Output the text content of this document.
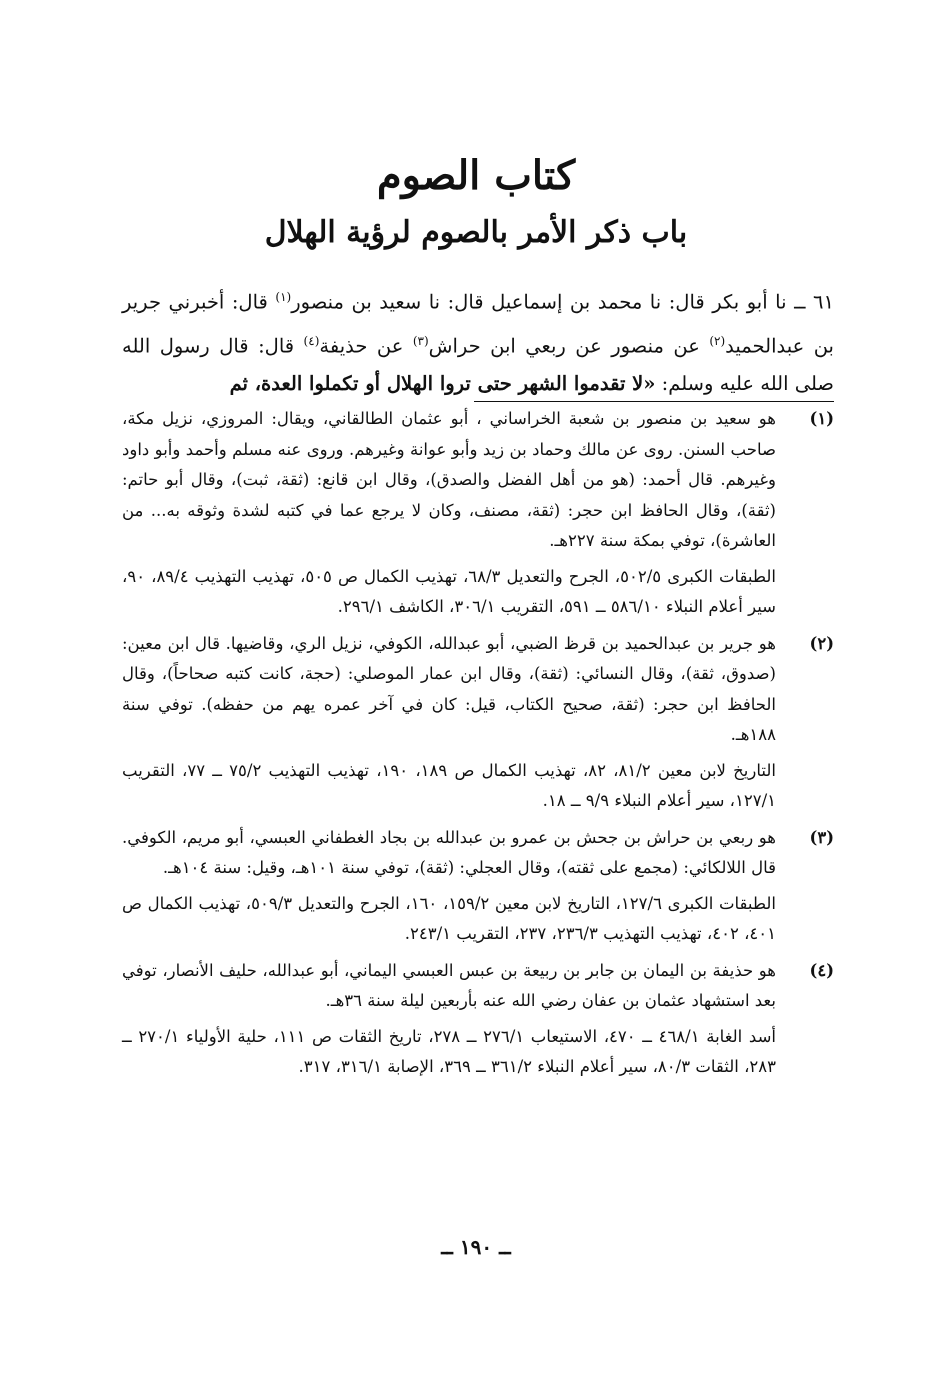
كتاب الصوم
باب ذكر الأمر بالصوم لرؤية الهلال
٦١ ــ نا أبو بكر قال: نا محمد بن إسماعيل قال: نا سعيد بن منصور$^{(١)}$ قال: أخبرني جرير بن عبدالحميد$^{(٢)}$ عن منصور عن ربعي ابن حراش$^{(٣)}$ عن حذيفة$^{(٤)}$ قال: قال رسول الله صلى الله عليه وسلم: «لا تقدموا الشهر حتى تروا الهلال أو تكملوا العدة، ثم
(١)

هو سعيد بن منصور بن شعبة الخراساني ، أبو عثمان الطالقاني، ويقال: المروزي، نزيل مكة، صاحب السنن. روى عن مالك وحماد بن زيد وأبو عوانة وغيرهم. وروى عنه مسلم وأحمد وأبو داود وغيرهم. قال أحمد: (هو من أهل الفضل والصدق)، وقال ابن قانع: (ثقة، ثبت)، وقال أبو حاتم: (ثقة)، وقال الحافظ ابن حجر: (ثقة، مصنف، وكان لا يرجع عما في كتبه لشدة وثوقه به... من العاشرة)، توفي بمكة سنة ٢٢٧هـ.

الطبقات الكبرى ٥٠٢/٥، الجرح والتعديل ٦٨/٣، تهذيب الكمال ص ٥٠٥، تهذيب التهذيب ٨٩/٤، ٩٠، سير أعلام النبلاء ٥٨٦/١٠ ــ ٥٩١، التقريب ٣٠٦/١، الكاشف ٢٩٦/١.

(٢)

هو جرير بن عبدالحميد بن قرظ الضبي، أبو عبدالله، الكوفي، نزيل الري، وقاضيها. قال ابن معين: (صدوق، ثقة)، وقال النسائي: (ثقة)، وقال ابن عمار الموصلي: (حجة، كانت كتبه صحاحاً)، وقال الحافظ ابن حجر: (ثقة، صحيح الكتاب، قيل: كان في آخر عمره يهم من حفظه). توفي سنة ١٨٨هـ.

التاريخ لابن معين ٨١/٢، ٨٢، تهذيب الكمال ص ١٨٩، ١٩٠، تهذيب التهذيب ٧٥/٢ ــ ٧٧، التقريب ١٢٧/١، سير أعلام النبلاء ٩/٩ ــ ١٨.

(٣)

هو ربعي بن حراش بن جحش بن عمرو بن عبدالله بن بجاد الغطفاني العبسي، أبو مريم، الكوفي. قال اللالكائي: (مجمع على ثقته)، وقال العجلي: (ثقة)، توفي سنة ١٠١هـ، وقيل: سنة ١٠٤هـ.

الطبقات الكبرى ١٢٧/٦، التاريخ لابن معين ١٥٩/٢، ١٦٠، الجرح والتعديل ٥٠٩/٣، تهذيب الكمال ص ٤٠١، ٤٠٢، تهذيب التهذيب ٢٣٦/٣، ٢٣٧، التقريب ٢٤٣/١.

(٤)

هو حذيفة بن اليمان بن جابر بن ربيعة بن عبس العبسي اليماني، أبو عبدالله، حليف الأنصار، توفي بعد استشهاد عثمان بن عفان رضي الله عنه بأربعين ليلة سنة ٣٦هـ.

أسد الغابة ٤٦٨/١ ــ ٤٧٠، الاستيعاب ٢٧٦/١ ــ ٢٧٨، تاريخ الثقات ص ١١١، حلية الأولياء ٢٧٠/١ ــ ٢٨٣، الثقات ٨٠/٣، سير أعلام النبلاء ٣٦١/٢ ــ ٣٦٩، الإصابة ٣١٦/١، ٣١٧.

ــ ١٩٠ ــ
